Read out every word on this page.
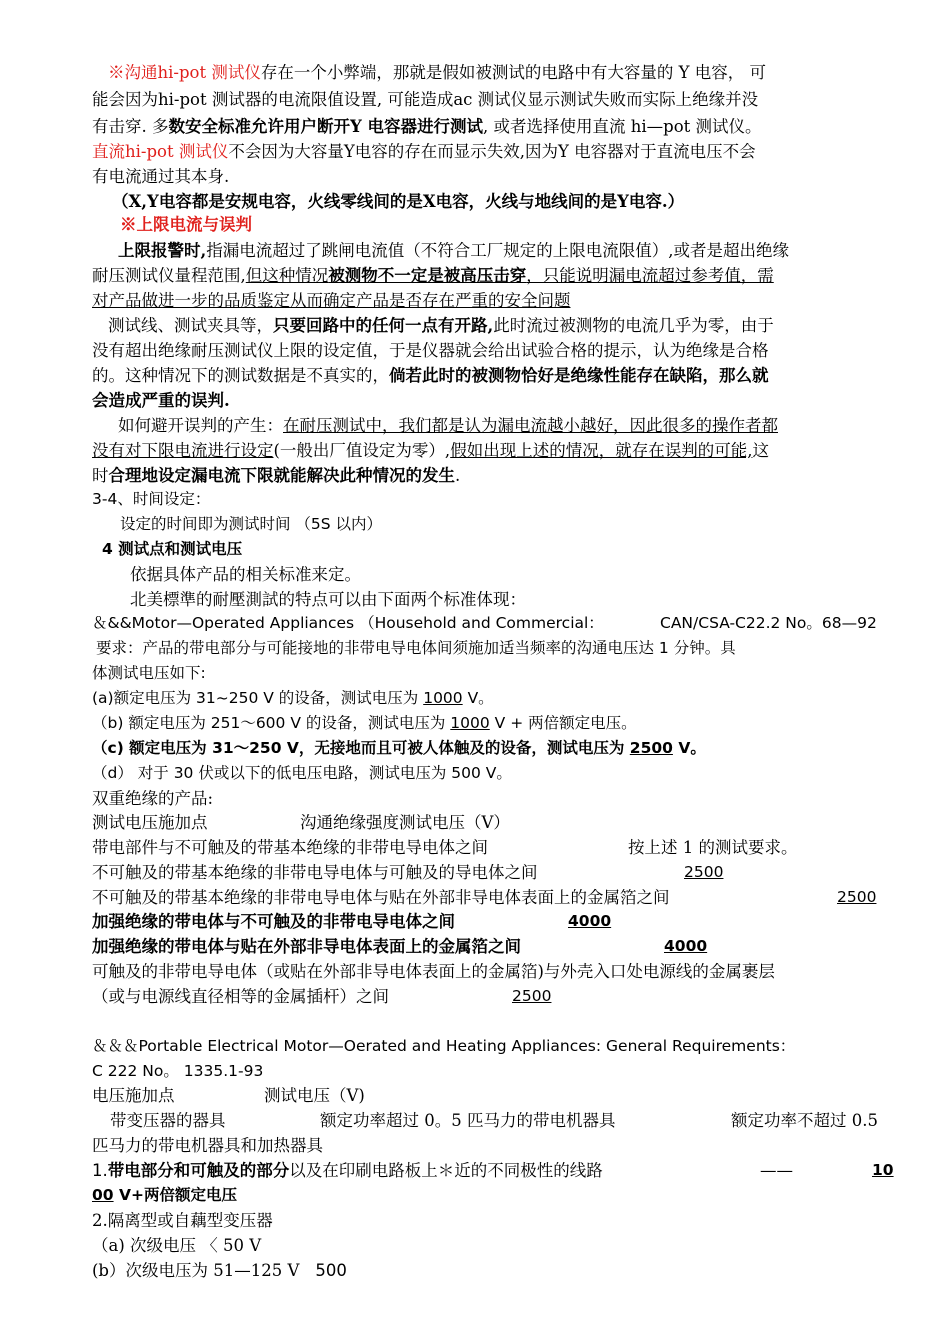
※沟通hi-pot 测试仪存在一个小弊端，那就是假如被测试的电路中有大容量的 Y 电容， 可
能会因为hi-pot 测试器的电流限值设置, 可能造成ac 测试仪显示测试失败而实际上绝缘并没
有击穿. 多数安全标准允许用户断开Y 电容器进行测试, 或者选择使用直流 hi—pot 测试仪。
直流hi-pot 测试仪不会因为大容量Y电容的存在而显示失效,因为Y 电容器对于直流电压不会
有电流通过其本身.
（X,Y电容都是安规电容，火线零线间的是X电容，火线与地线间的是Y电容.）
※上限电流与误判
上限报警时,指漏电流超过了跳闸电流值（不符合工厂规定的上限电流限值）,或者是超出绝缘
耐压测试仪量程范围,但这种情况被测物不一定是被高压击穿，只能说明漏电流超过参考值，需
对产品做进一步的品质鉴定从而确定产品是否存在严重的安全问题
测试线、测试夹具等，只要回路中的任何一点有开路,此时流过被测物的电流几乎为零，由于
没有超出绝缘耐压测试仪上限的设定值，于是仪器就会给出试验合格的提示，认为绝缘是合格
的。这种情况下的测试数据是不真实的，倘若此时的被测物恰好是绝缘性能存在缺陷，那么就
会造成严重的误判.
如何避开误判的产生：在耐压测试中，我们都是认为漏电流越小越好，因此很多的操作者都
没有对下限电流进行设定(一般出厂值设定为零）,假如出现上述的情况，就存在误判的可能,这
时合理地设定漏电流下限就能解决此种情况的发生.
3-4、时间设定：
设定的时间即为测试时间 （5S 以内）
4 测试点和测试电压
依据具体产品的相关标准来定。
北美標準的耐壓測試的特点可以由下面两个标准体现：
＆&&Motor—Operated Appliances （Household and Commercial：	CAN/CSA-C22.2 No。68—92
要求：产品的带电部分与可能接地的非带电导电体间须施加适当频率的沟通电压达 1 分钟。具
体测试电压如下:
(a)额定电压为 31~250 V 的设备，测试电压为 1000 V。
（b) 额定电压为 251～600 V 的设备，测试电压为 1000 V + 两倍额定电压。
（c) 额定电压为 31～250 V，无接地而且可被人体触及的设备，测试电压为 2500 V。
（d） 对于 30 伏或以下的低电压电路，测试电压为 500 V。
双重绝缘的产品:
测试电压施加点	沟通绝缘强度测试电压（V）
带电部件与不可触及的带基本绝缘的非带电导电体之间	按上述 1 的测试要求。
不可触及的带基本绝缘的非带电导电体与可触及的导电体之间	2500
不可触及的带基本绝缘的非带电导电体与贴在外部非导电体表面上的金属箔之间	2500
加强绝缘的带电体与不可触及的非带电导电体之间	4000
加强绝缘的带电体与贴在外部非导电体表面上的金属箔之间	4000
可触及的非带电导电体（或贴在外部非导电体表面上的金属箔)与外壳入口处电源线的金属裹层
（或与电源线直径相等的金属插杆）之间	2500
＆＆＆Portable Electrical Motor—Oerated and Heating Appliances: General Requirements：
C 222 No。 1335.1-93
电压施加点	测试电压（V)
带变压器的器具	额定功率超过 0。5 匹马力的带电机器具	额定功率不超过 0.5
匹马力的带电机器具和加热器具
1.带电部分和可触及的部分以及在印刷电路板上＊近的不同极性的线路	——	10
00 V+两倍额定电压
2.隔离型或自藕型变压器
（a) 次级电压 〈 50 V
(b）次级电压为 51—125 V 500
